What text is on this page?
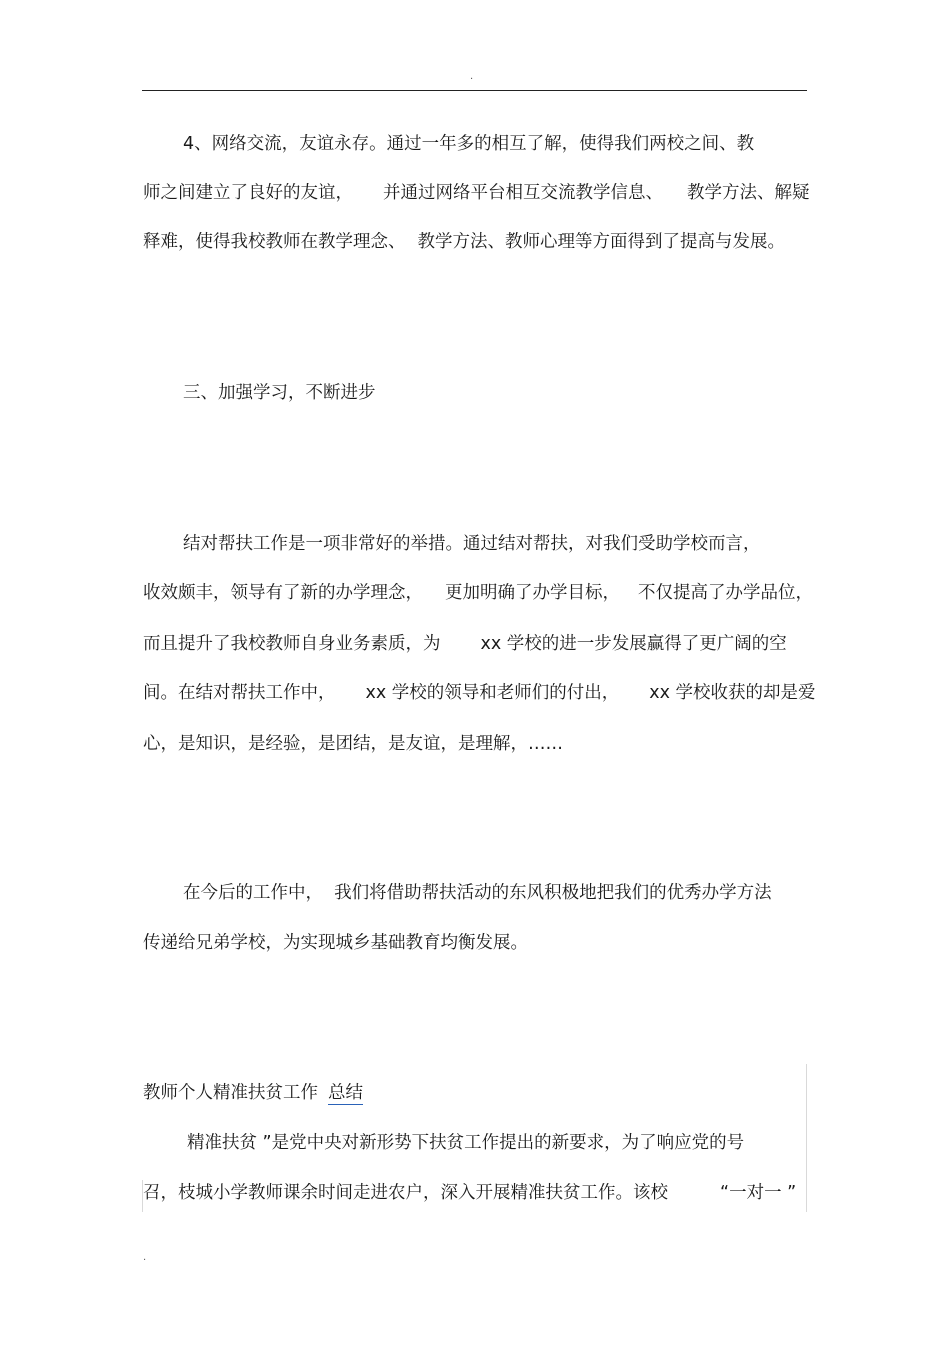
.
4、网络交流，友谊永存。通过一年多的相互了解，使得我们两校之间、教
师之间建立了良好的友谊， 并通过网络平台相互交流教学信息、 教学方法、解疑
释难，使得我校教师在教学理念、 教学方法、教师心理等方面得到了提高与发展。
三、加强学习，不断进步
结对帮扶工作是一项非常好的举措。通过结对帮扶，对我们受助学校而言，
收效颇丰，领导有了新的办学理念， 更加明确了办学目标， 不仅提高了办学品位，
而且提升了我校教师自身业务素质，为 xx 学校的进一步发展赢得了更广阔的空
间。在结对帮扶工作中， xx 学校的领导和老师们的付出， xx 学校收获的却是爱
心，是知识，是经验，是团结，是友谊，是理解，……
在今后的工作中，  我们将借助帮扶活动的东风积极地把我们的优秀办学方法
传递给兄弟学校，为实现城乡基础教育均衡发展。
教师个人精准扶贫工作 总结
精准扶贫 ”是党中央对新形势下扶贫工作提出的新要求，为了响应党的号
召，枝城小学教师课余时间走进农户，深入开展精准扶贫工作。该校	“一对一 ”
.
